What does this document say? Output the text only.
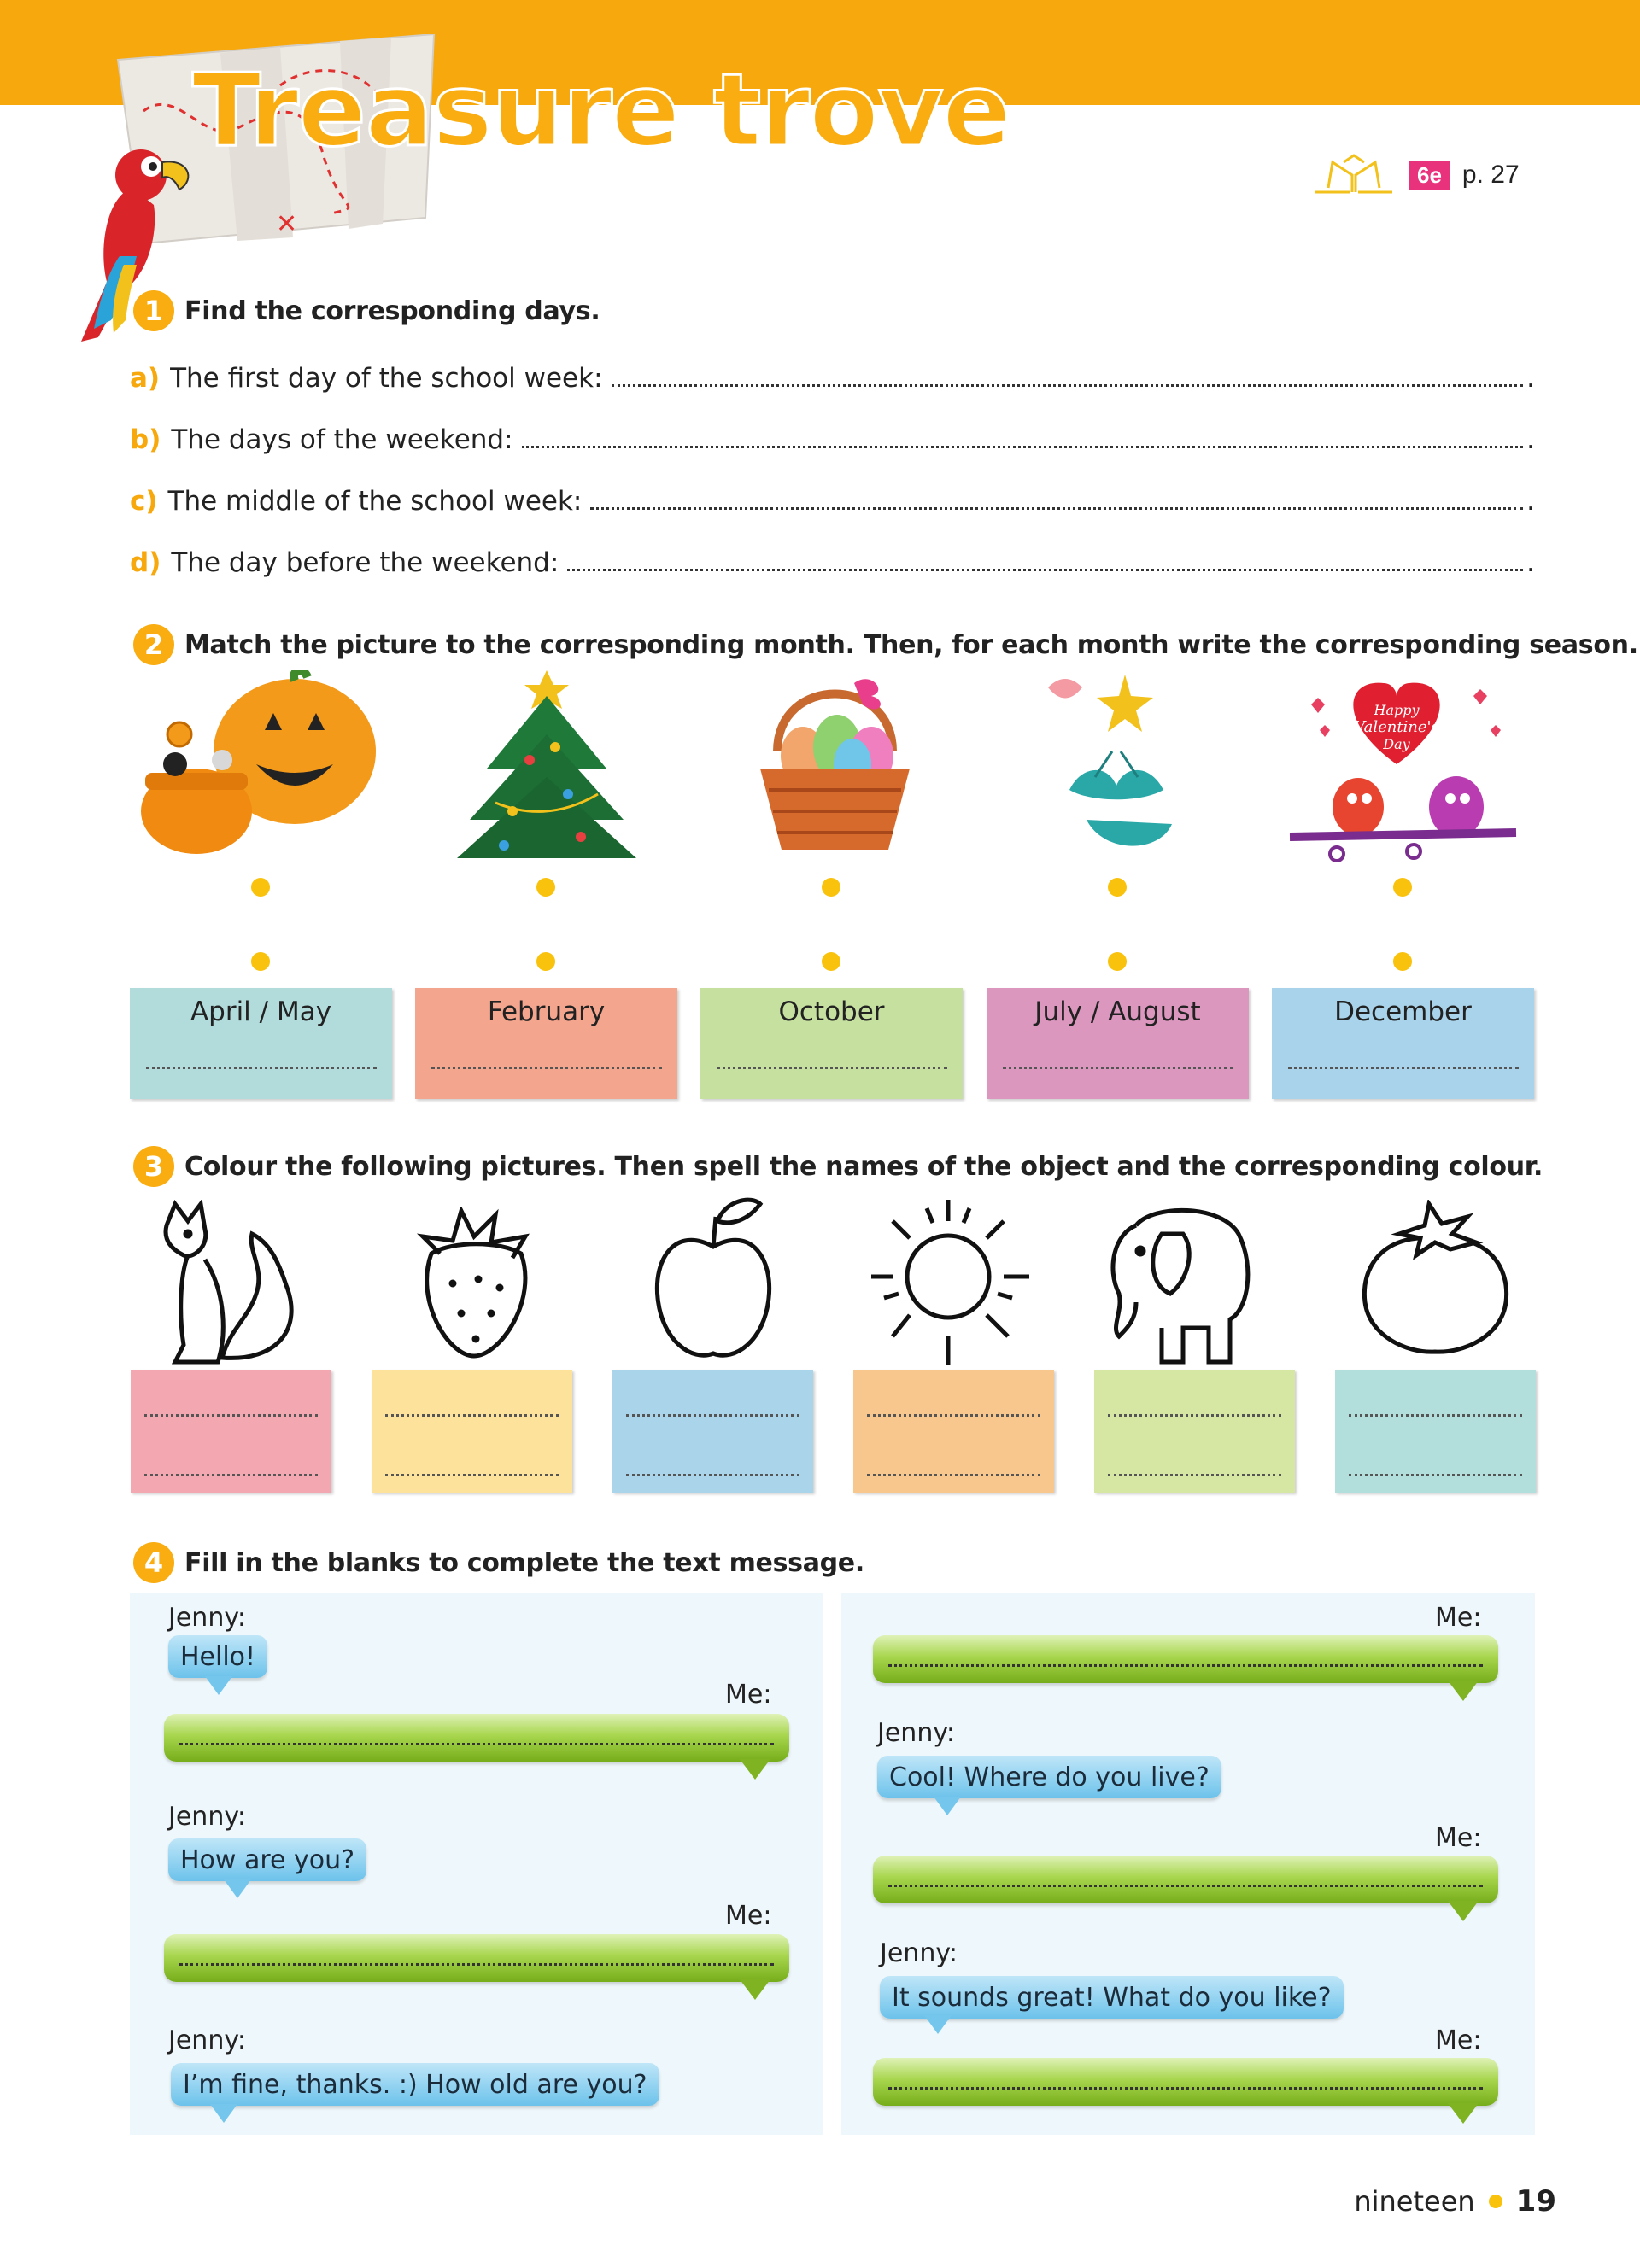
✕
Treasure trove
6e p. 27
1 Find the corresponding days.
a) The first day of the school week:	.
b) The days of the weekend:	.
c) The middle of the school week:	.
d) The day before the weekend:	.
2 Match the picture to the corresponding month. Then, for each month write the corresponding season.
Happy
Valentine's
Day
April / May	February	October	July / August	December
3 Colour the following pictures. Then spell the names of the object and the corresponding colour.
4 Fill in the blanks to complete the text message.
Jenny:
Hello!
Me:
Jenny:
How are you?
Me:
Jenny:
I’m fine, thanks. :) How old are you?
Me:
Jenny:
Cool! Where do you live?
Me:
Jenny:
It sounds great! What do you like?
Me:
nineteen 19
